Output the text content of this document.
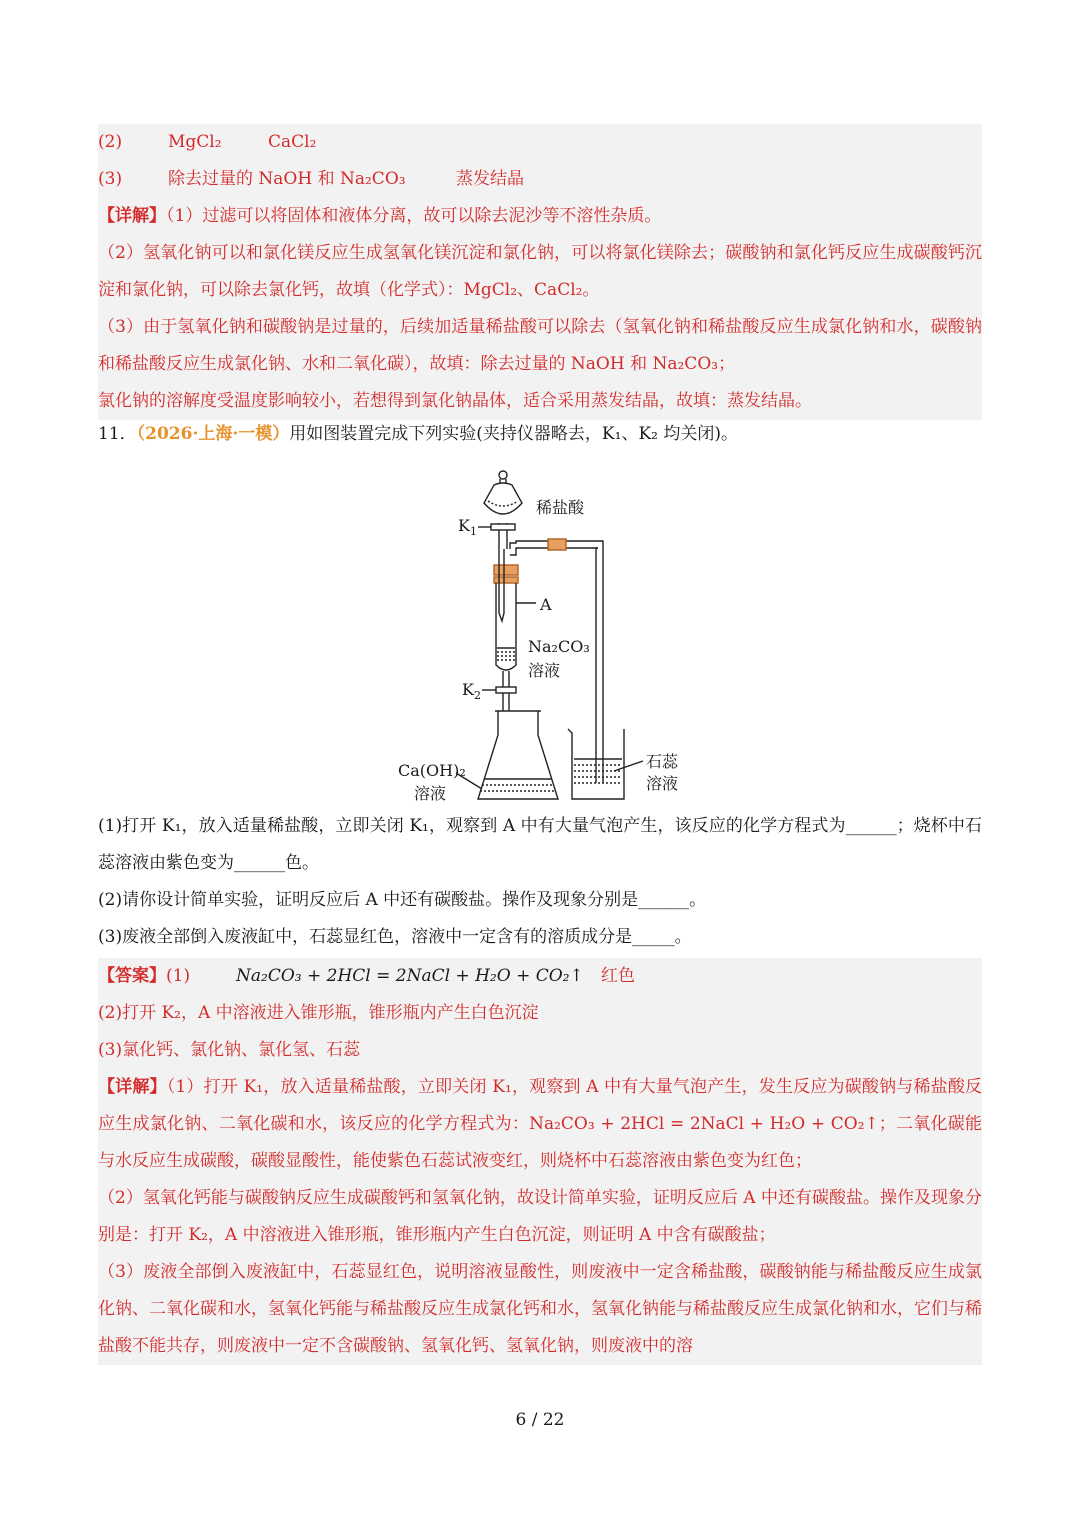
(2)	MgCl₂	CaCl₂
(3)	除去过量的 NaOH 和 Na₂CO₃	蒸发结晶
【详解】（1）过滤可以将固体和液体分离，故可以除去泥沙等不溶性杂质。
（2）氢氧化钠可以和氯化镁反应生成氢氧化镁沉淀和氯化钠，可以将氯化镁除去；碳酸钠和氯化钙反应生成碳酸钙沉淀和氯化钠，可以除去氯化钙，故填（化学式）：MgCl₂、CaCl₂。
（3）由于氢氧化钠和碳酸钠是过量的，后续加适量稀盐酸可以除去（氢氧化钠和稀盐酸反应生成氯化钠和水，碳酸钠和稀盐酸反应生成氯化钠、水和二氧化碳），故填：除去过量的 NaOH 和 Na₂CO₃；
氯化钠的溶解度受温度影响较小，若想得到氯化钠晶体，适合采用蒸发结晶，故填：蒸发结晶。
11．（2026·上海·一模）用如图装置完成下列实验(夹持仪器略去，K₁、K₂ 均关闭)。
稀盐酸
$K_1$
A
Na₂CO₃
溶液
$K_2$
Ca(OH)₂
溶液
石蕊
溶液
(1)打开 K₁，放入适量稀盐酸，立即关闭 K₁，观察到 A 中有大量气泡产生，该反应的化学方程式为______；烧杯中石蕊溶液由紫色变为______色。
(2)请你设计简单实验，证明反应后 A 中还有碳酸盐。操作及现象分别是______。
(3)废液全部倒入废液缸中，石蕊显红色，溶液中一定含有的溶质成分是_____。
【答案】(1)	Na₂CO₃ + 2HCl = 2NaCl + H₂O + CO₂↑ 红色
(2)打开 K₂，A 中溶液进入锥形瓶，锥形瓶内产生白色沉淀
(3)氯化钙、氯化钠、氯化氢、石蕊
【详解】（1）打开 K₁，放入适量稀盐酸，立即关闭 K₁，观察到 A 中有大量气泡产生，发生反应为碳酸钠与稀盐酸反应生成氯化钠、二氧化碳和水，该反应的化学方程式为：Na₂CO₃ + 2HCl = 2NaCl + H₂O + CO₂↑；二氧化碳能与水反应生成碳酸，碳酸显酸性，能使紫色石蕊试液变红，则烧杯中石蕊溶液由紫色变为红色；
（2）氢氧化钙能与碳酸钠反应生成碳酸钙和氢氧化钠，故设计简单实验，证明反应后 A 中还有碳酸盐。操作及现象分别是：打开 K₂，A 中溶液进入锥形瓶，锥形瓶内产生白色沉淀，则证明 A 中含有碳酸盐；
（3）废液全部倒入废液缸中，石蕊显红色，说明溶液显酸性，则废液中一定含稀盐酸，碳酸钠能与稀盐酸反应生成氯化钠、二氧化碳和水，氢氧化钙能与稀盐酸反应生成氯化钙和水，氢氧化钠能与稀盐酸反应生成氯化钠和水，它们与稀盐酸不能共存，则废液中一定不含碳酸钠、氢氧化钙、氢氧化钠，则废液中的溶
6 / 22
